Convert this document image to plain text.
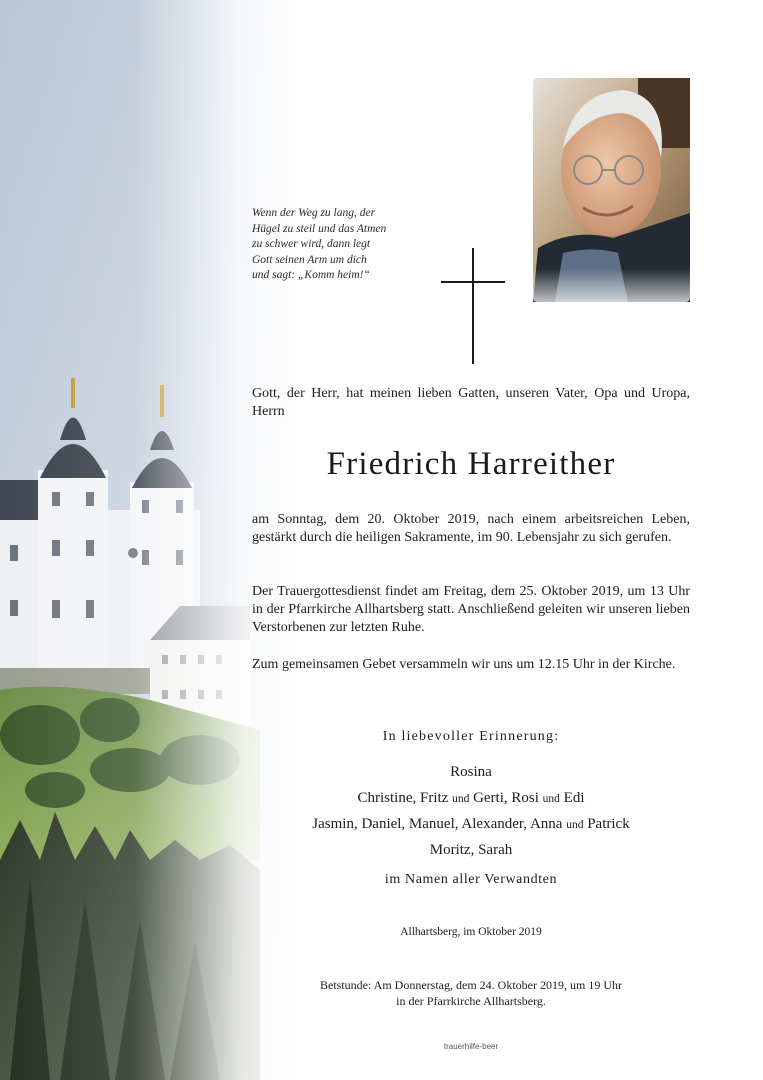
Wenn der Weg zu lang, der
Hügel zu steil und das Atmen
zu schwer wird, dann legt
Gott seinen Arm um dich
und sagt: „Komm heim!“
Gott, der Herr, hat meinen lieben Gatten, unseren Vater, Opa und Uropa, Herrn
Friedrich Harreither
am Sonntag, dem 20. Oktober 2019, nach einem arbeitsreichen Leben, gestärkt durch die heiligen Sakramente, im 90. Lebensjahr zu sich gerufen.
Der Trauergottesdienst findet am Freitag, dem 25. Oktober 2019, um 13 Uhr in der Pfarrkirche Allhartsberg statt. Anschließend geleiten wir unseren lieben Verstorbenen zur letzten Ruhe.
Zum gemeinsamen Gebet versammeln wir uns um 12.15 Uhr in der Kirche.
In liebevoller Erinnerung:
Rosina
Christine, Fritz und Gerti, Rosi und Edi
Jasmin, Daniel, Manuel, Alexander, Anna und Patrick
Moritz, Sarah
im Namen aller Verwandten
Allhartsberg, im Oktober 2019
Betstunde: Am Donnerstag, dem 24. Oktober 2019, um 19 Uhr
in der Pfarrkirche Allhartsberg.
trauerhilfe-beer
